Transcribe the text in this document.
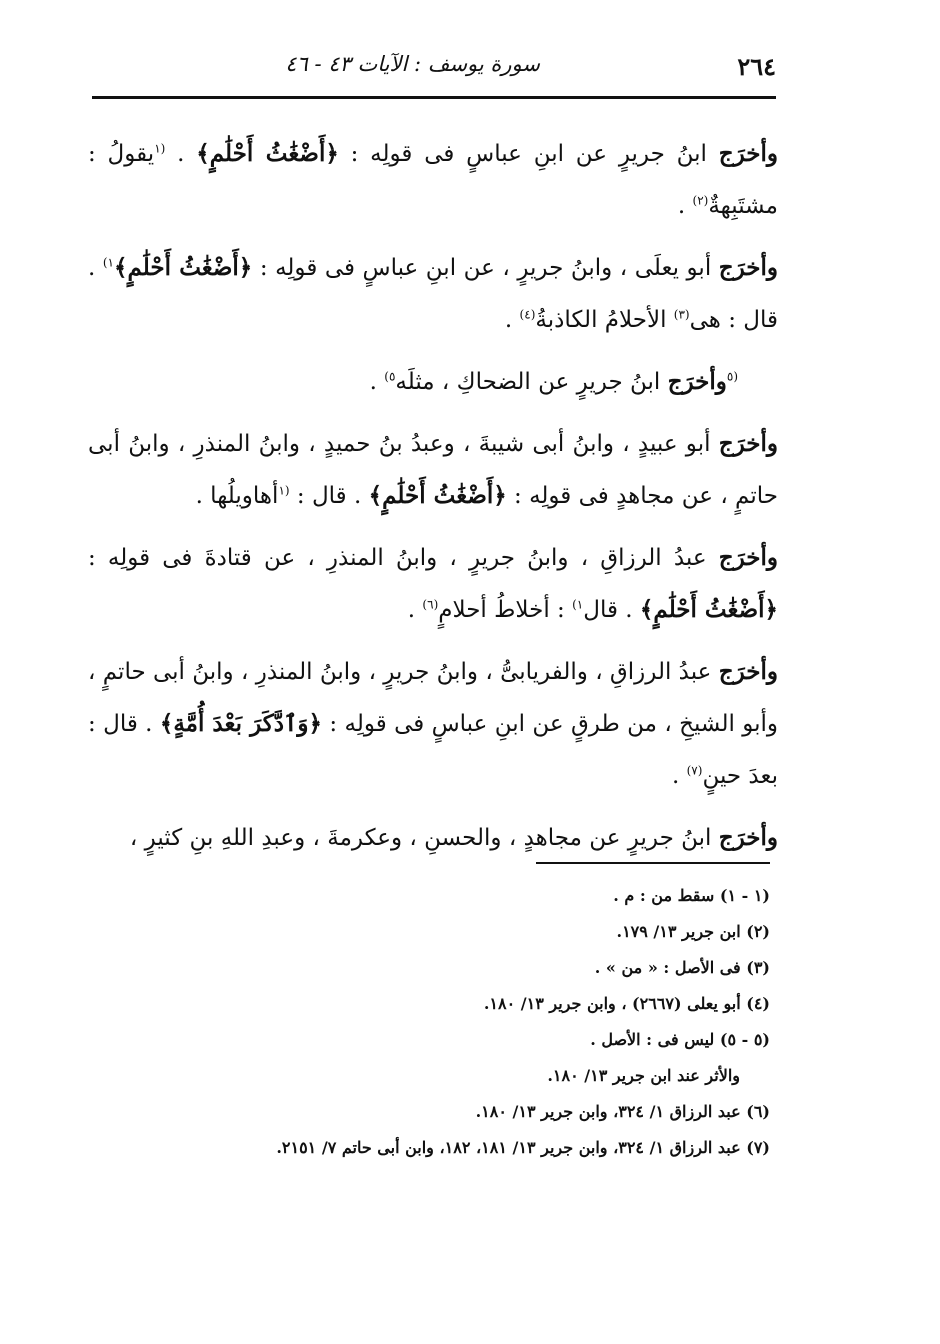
٢٦٤
سورة يوسف : الآيات ٤٣ - ٤٦

وأخرَج ابنُ جريرٍ عن ابنِ عباسٍ فى قولِه : ﴿أَضْغَٰثُ أَحْلَٰمٍ﴾ . $^{(١}$يقولُ : مشتَبِهةٌ$^{(٢)}$ .

وأخرَج أبو يعلَى ، وابنُ جريرٍ ، عن ابنِ عباسٍ فى قولِه : ﴿أَضْغَٰثُ أَحْلَٰمٍ﴾$^{١)}$ . قال : هى$^{(٣)}$ الأحلامُ الكاذبةُ$^{(٤)}$ .

$^{(٥}$وأخرَج ابنُ جريرٍ عن الضحاكِ ، مثلَه$^{٥)}$ .

وأخرَج أبو عبيدٍ ، وابنُ أبى شيبةَ ، وعبدُ بنُ حميدٍ ، وابنُ المنذرِ ، وابنُ أبى حاتمٍ ، عن مجاهدٍ فى قولِه : ﴿أَضْغَٰثُ أَحْلَٰمٍ﴾ . قال : $^{(١}$أهاويلُها .

وأخرَج عبدُ الرزاقِ ، وابنُ جريرٍ ، وابنُ المنذرِ ، عن قتادةَ فى قولِه : ﴿أَضْغَٰثُ أَحْلَٰمٍ﴾ . قال$^{١)}$ : أخلاطُ أحلامٍ$^{(٦)}$ .

وأخرَج عبدُ الرزاقِ ، والفريابىُّ ، وابنُ جريرٍ ، وابنُ المنذرِ ، وابنُ أبى حاتمٍ ، وأبو الشيخِ ، من طرقٍ عن ابنِ عباسٍ فى قولِه : ﴿وَٱدَّكَرَ بَعْدَ أُمَّةٍ﴾ . قال : بعدَ حينٍ$^{(٧)}$ .

وأخرَج ابنُ جريرٍ عن مجاهدٍ ، والحسنِ ، وعكرمةَ ، وعبدِ اللهِ بنِ كثيرٍ ،

(١ - ١) سقط من : م .

(٢) ابن جرير ١٣/ ١٧٩.

(٣) فى الأصل : « من » .

(٤) أبو يعلى (٢٦٦٧) ، وابن جرير ١٣/ ١٨٠.

(٥ - ٥) ليس فى : الأصل .

والأثر عند ابن جرير ١٣/ ١٨٠.

(٦) عبد الرزاق ١/ ٣٢٤، وابن جرير ١٣/ ١٨٠.

(٧) عبد الرزاق ١/ ٣٢٤، وابن جرير ١٣/ ١٨١، ١٨٢، وابن أبى حاتم ٧/ ٢١٥١.
